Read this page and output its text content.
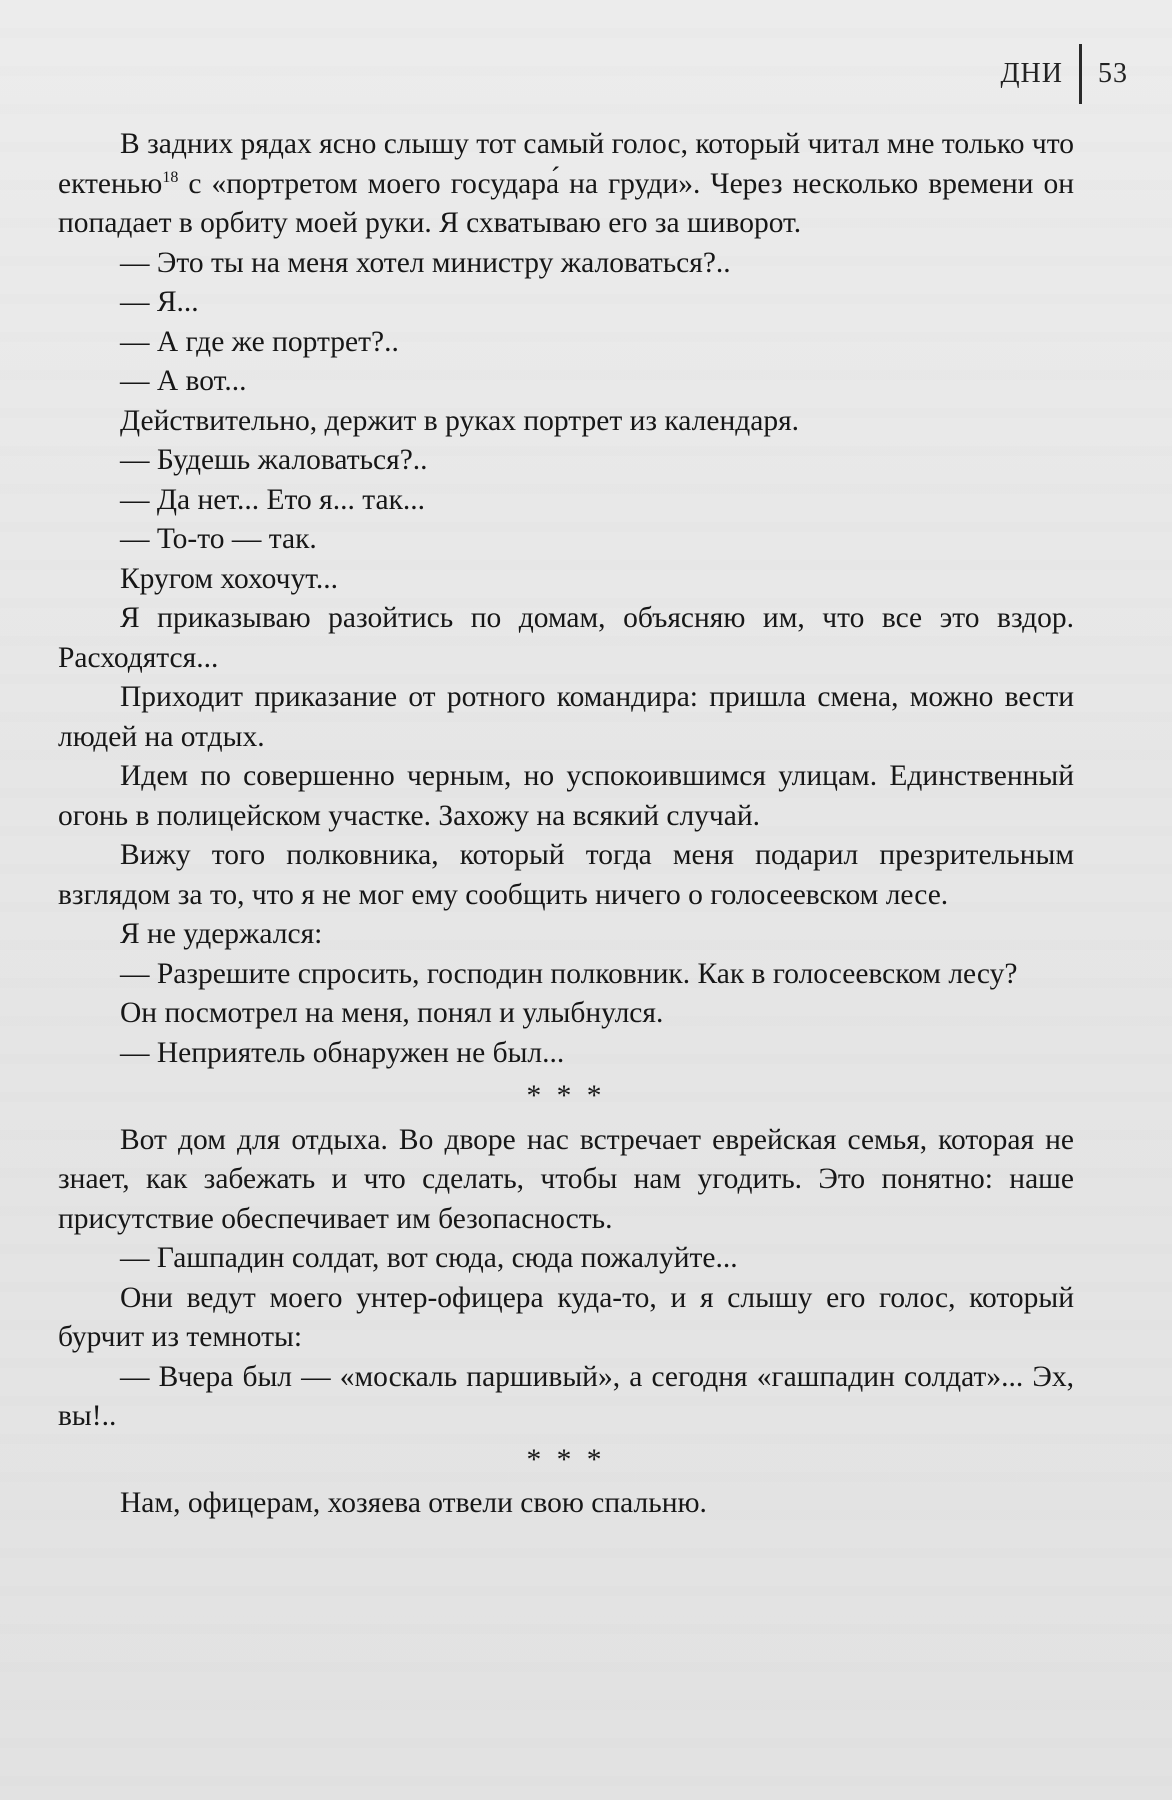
ДНИ	53

В задних рядах ясно слышу тот самый голос, который читал мне только что ектенью$^{18}$ с «портретом моего государа́ на груди». Через несколько времени он попадает в орбиту моей руки. Я схватываю его за шиворот.

— Это ты на меня хотел министру жаловаться?..

— Я...

— А где же портрет?..

— А вот...

Действительно, держит в руках портрет из календаря.

— Будешь жаловаться?..

— Да нет... Ето я... так...

— То-то — так.

Кругом хохочут...

Я приказываю разойтись по домам, объясняю им, что все это вздор. Расходятся...

Приходит приказание от ротного командира: пришла смена, можно вести людей на отдых.

Идем по совершенно черным, но успокоившимся улицам. Единственный огонь в полицейском участке. Захожу на всякий случай.

Вижу того полковника, который тогда меня подарил презрительным взглядом за то, что я не мог ему сообщить ничего о голосеевском лесе.

Я не удержался:

— Разрешите спросить, господин полковник. Как в голосеевском лесу?

Он посмотрел на меня, понял и улыбнулся.

— Неприятель обнаружен не был...

* * *

Вот дом для отдыха. Во дворе нас встречает еврейская семья, которая не знает, как забежать и что сделать, чтобы нам угодить. Это понятно: наше присутствие обеспечивает им безопасность.

— Гашпадин солдат, вот сюда, сюда пожалуйте...

Они ведут моего унтер-офицера куда-то, и я слышу его голос, который бурчит из темноты:

— Вчера был — «москаль паршивый», а сегодня «гашпадин солдат»... Эх, вы!..

* * *

Нам, офицерам, хозяева отвели свою спальню.
